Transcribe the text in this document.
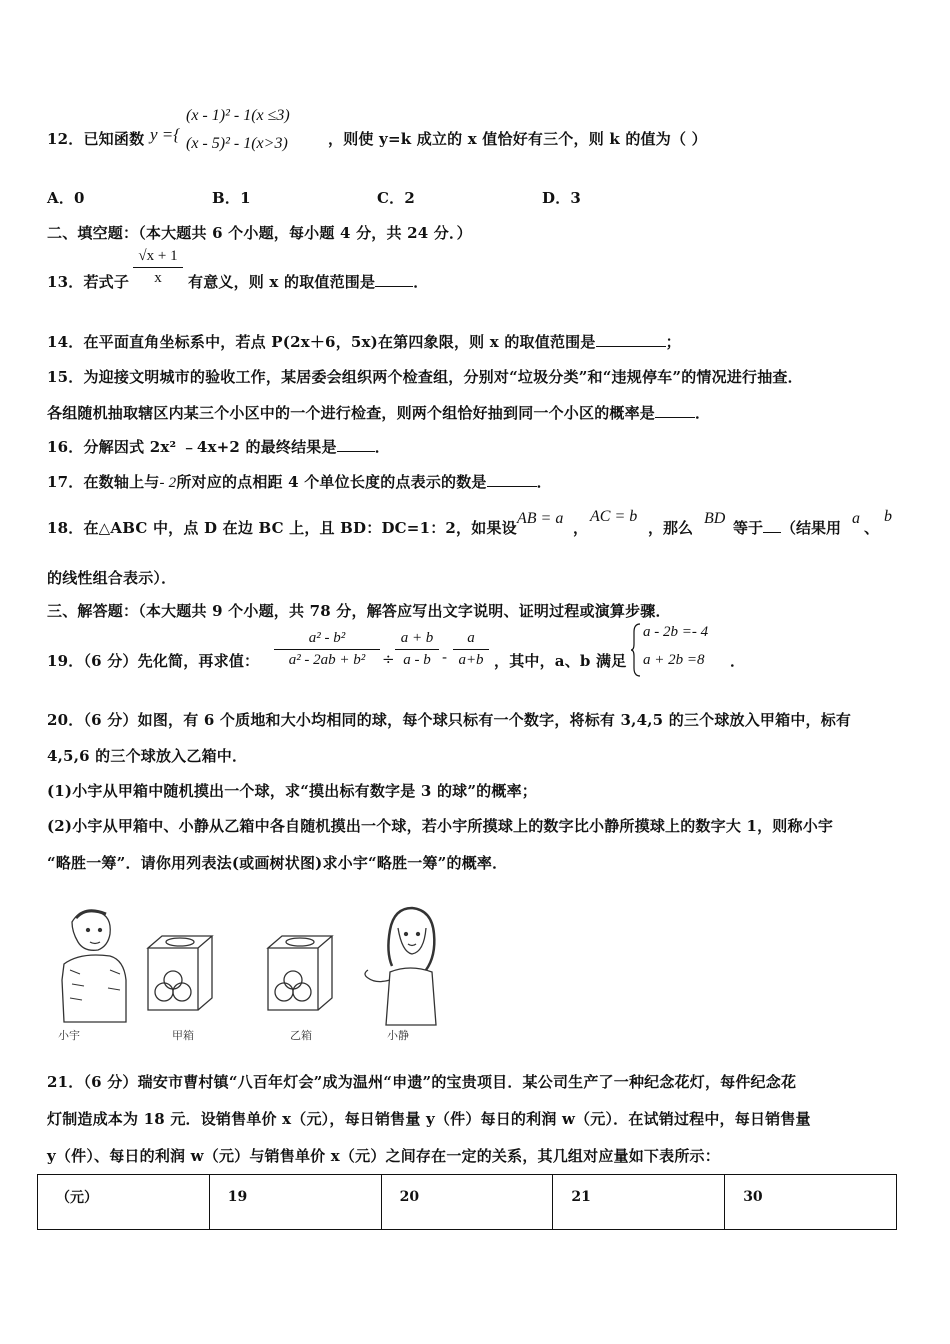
12．已知函数 y ={
(x - 1)² - 1(x ≤3)
(x - 5)² - 1(x>3)	，则使 y=k 成立的 x 值恰好有三个，则 k 的值为（ ）
A．0	B．1	C．2	D．3
二、填空题：（本大题共 6 个小题，每小题 4 分，共 24 分．）
13．若式子 $\frac{√x + 1}{x}$ 有意义，则 x 的取值范围是	．
14．在平面直角坐标系中，若点 P(2x＋6，5x)在第四象限，则 x 的取值范围是	；
15．为迎接文明城市的验收工作，某居委会组织两个检查组，分别对“垃圾分类”和“违规停车”的情况进行抽查．
各组随机抽取辖区内某三个小区中的一个进行检查，则两个组恰好抽到同一个小区的概率是	．
16．分解因式 2x² ﹣4x+2 的最终结果是	．
17．在数轴上与- 2所对应的点相距 4 个单位长度的点表示的数是	．
18．在△ABC 中，点 D 在边 BC 上，且 BD：DC=1：2，如果设
AB = a
，
AC = b
，那么
BD
等于 （结果用
a
、
b
的线性组合表示）．
三、解答题：（本大题共 9 个小题，共 78 分，解答应写出文字说明、证明过程或演算步骤．
19．（6 分）先化简，再求值： $\frac{\text{a² - b²}}{\text{a² - 2ab + b²}} \div \frac{a + b}{a - b} - \frac{a}{a+b}$ ，其中，a、b 满足
a - 2b =- 4
a + 2b =8 ．
20．（6 分）如图，有 6 个质地和大小均相同的球，每个球只标有一个数字，将标有 3,4,5 的三个球放入甲箱中，标有
4,5,6 的三个球放入乙箱中．
(1)小宇从甲箱中随机摸出一个球，求“摸出标有数字是 3 的球”的概率；
(2)小宇从甲箱中、小静从乙箱中各自随机摸出一个球，若小宇所摸球上的数字比小静所摸球上的数字大 1，则称小宇
“略胜一筹”．请你用列表法(或画树状图)求小宇“略胜一筹”的概率．
小宇	甲箱	乙箱	小静
21．（6 分）瑞安市曹村镇“八百年灯会”成为温州“申遗”的宝贵项目．某公司生产了一种纪念花灯，每件纪念花
灯制造成本为 18 元．设销售单价 x（元），每日销售量 y（件）每日的利润 w（元）．在试销过程中，每日销售量
y（件）、每日的利润 w（元）与销售单价 x（元）之间存在一定的关系，其几组对应量如下表所示：
（元）	19	20	21	30
